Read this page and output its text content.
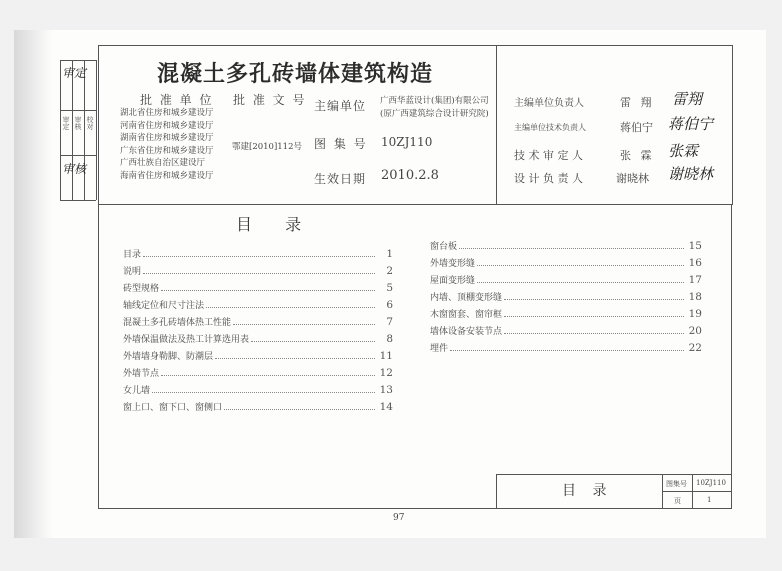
审定 审核 校对
审定
审核
混凝土多孔砖墙体建筑构造
批 准 单 位 批 准 文 号
湖北省住房和城乡建设厅
河南省住房和城乡建设厅
湖南省住房和城乡建设厅
广东省住房和城乡建设厅
广西壮族自治区建设厅
海南省住房和城乡建设厅
鄂建[2010]112号
主编单位 广西华蓝设计(集团)有限公司
(原广西建筑综合设计研究院)
图 集 号 10ZJ110
生效日期 2010.2.8
主编单位负责人	雷 翔 雷翔
主编单位技术负责人	蒋伯宁 蒋伯宁
技 术 审 定 人	张 霖 张霖
设 计 负 责 人	谢晓林 谢晓林
目 录
目录	1
说明	2
砖型规格	5
轴线定位和尺寸注法	6
混凝土多孔砖墙体热工性能	7
外墙保温做法及热工计算选用表	8
外墙墙身勒脚、防潮层	11
外墙节点	12
女儿墙	13
窗上口、窗下口、窗侧口	14
窗台板	15
外墙变形缝	16
屋面变形缝	17
内墙、顶棚变形缝	18
木窗窗套、窗帘框	19
墙体设备安装节点	20
埋件	22
目 录	图集号 10ZJ110
页	1
97
